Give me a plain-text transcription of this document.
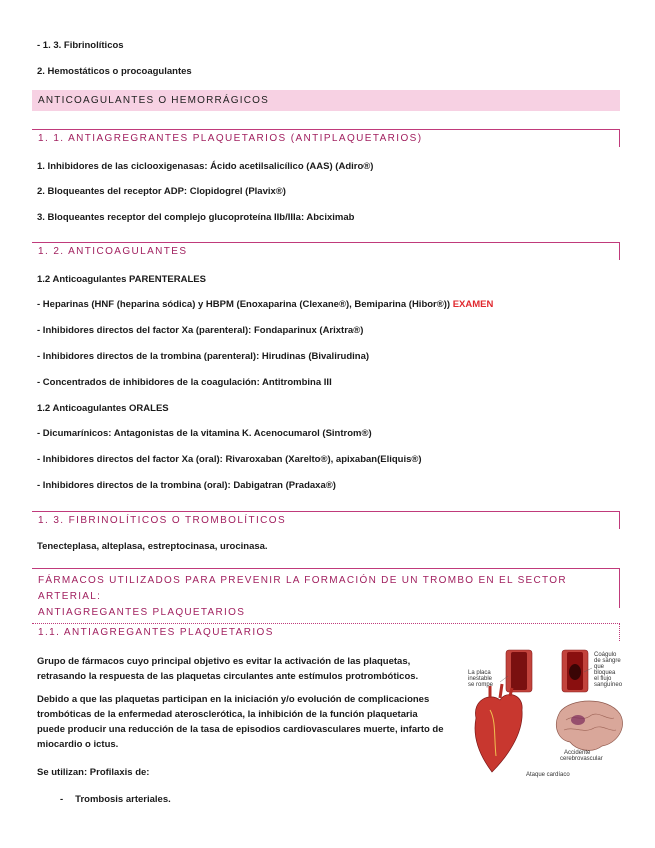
- 1. 3. Fibrinolíticos
2. Hemostáticos o procoagulantes
ANTICOAGULANTES O HEMORRÁGICOS
1. 1. ANTIAGREGRANTES PLAQUETARIOS (ANTIPLAQUETARIOS)
1. Inhibidores de las ciclooxigenasas: Ácido acetilsalicílico (AAS) (Adiro®)
2. Bloqueantes del receptor ADP: Clopidogrel (Plavix®)
3. Bloqueantes receptor del complejo glucoproteína IIb/IIIa: Abciximab
1. 2. ANTICOAGULANTES
1.2 Anticoagulantes PARENTERALES
- Heparinas (HNF (heparina sódica) y HBPM (Enoxaparina (Clexane®), Bemiparina (Hibor®)) EXAMEN
- Inhibidores directos del factor Xa (parenteral): Fondaparinux (Arixtra®)
- Inhibidores directos de la trombina (parenteral): Hirudinas (Bivalirudina)
- Concentrados de inhibidores de la coagulación: Antitrombina III
1.2 Anticoagulantes ORALES
- Dicumarínicos: Antagonistas de la vitamina K. Acenocumarol (Sintrom®)
- Inhibidores directos del factor Xa (oral): Rivaroxaban (Xarelto®), apixaban(Eliquis®)
- Inhibidores directos de la trombina (oral): Dabigatran (Pradaxa®)
1. 3. FIBRINOLÍTICOS O TROMBOLÍTICOS
Tenecteplasa, alteplasa, estreptocinasa, urocinasa.
FÁRMACOS UTILIZADOS PARA PREVENIR LA FORMACIÓN DE UN TROMBO EN EL SECTOR ARTERIAL:
ANTIAGREGANTES PLAQUETARIOS
1.1. ANTIAGREGANTES PLAQUETARIOS
Grupo de fármacos cuyo principal objetivo es evitar la activación de las plaquetas, retrasando la respuesta de las plaquetas circulantes ante estímulos protrombóticos.
Debido a que las plaquetas participan en la iniciación y/o evolución de complicaciones trombóticas de la enfermedad aterosclerótica, la inhibición de la función plaquetaria puede producir una reducción de la tasa de episodios cardiovasculares muerte, infarto de miocardio o ictus.
Se utilizan: Profilaxis de:
- Trombosis arteriales.
La placa
inestable
se rompe
Coágulo
de sangre
que
bloquea
el flujo
sanguíneo
Accidente
cerebrovascular
Ataque cardíaco
